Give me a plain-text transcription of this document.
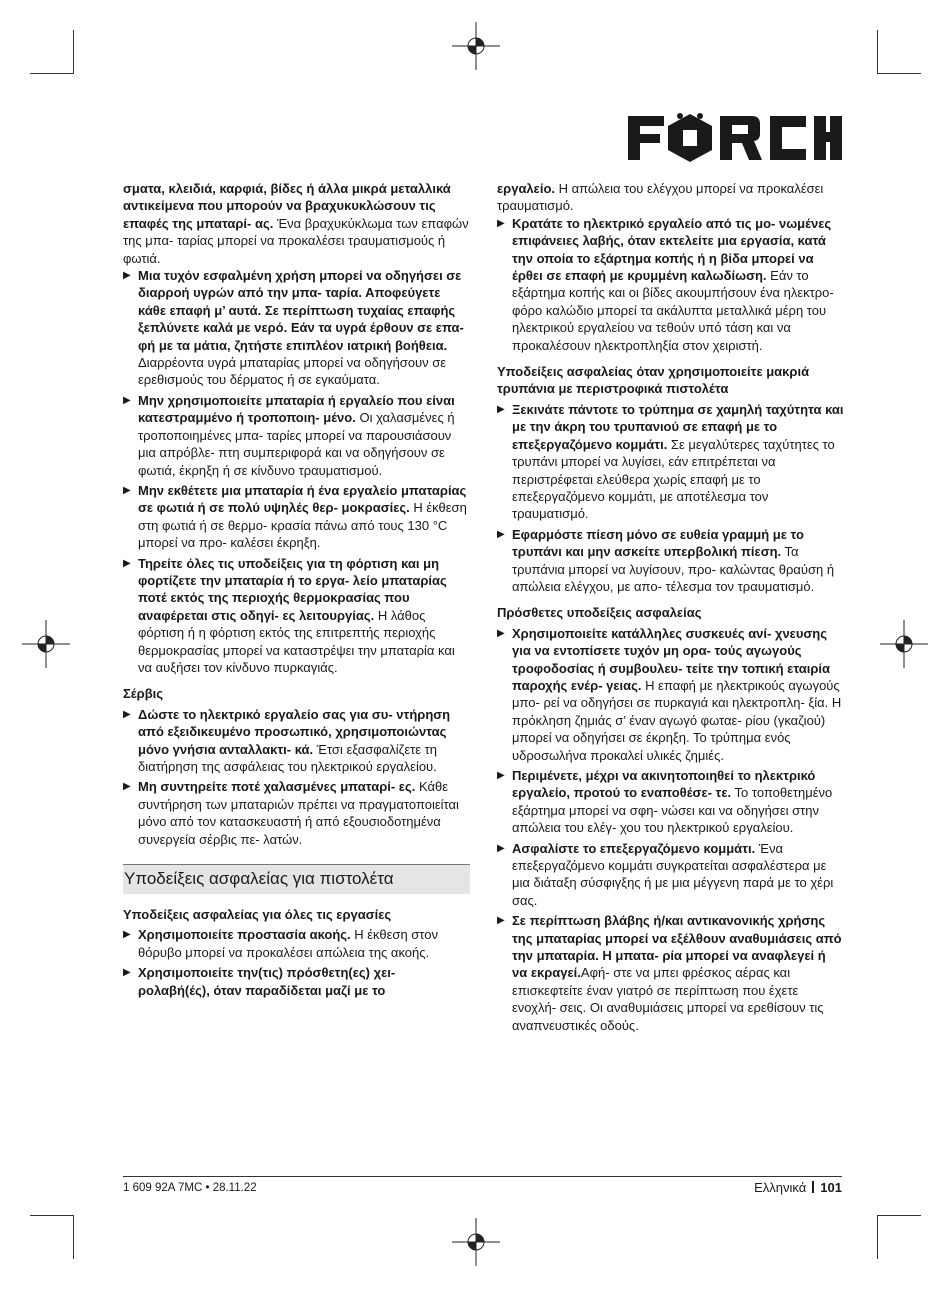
σματα, κλειδιά, καρφιά, βίδες ή άλλα μικρά μεταλλικά αντικείμενα που μπορούν να βραχυκυκλώσουν τις επαφές της μπαταρί- ας. Ένα βραχυκύκλωμα των επαφών της μπα- ταρίας μπορεί να προκαλέσει τραυματισμούς ή φωτιά.
▶ Μια τυχόν εσφαλμένη χρήση μπορεί να οδηγήσει σε διαρροή υγρών από την μπα- ταρία. Αποφεύγετε κάθε επαφή μ’ αυτά. Σε περίπτωση τυχαίας επαφής ξεπλύνετε καλά με νερό. Εάν τα υγρά έρθουν σε επα- φή με τα μάτια, ζητήστε επιπλέον ιατρική βοήθεια. Διαρρέοντα υγρά μπαταρίας μπορεί να οδηγήσουν σε ερεθισμούς του δέρματος ή σε εγκαύματα.
▶ Μην χρησιμοποιείτε μπαταρία ή εργαλείο που είναι κατεστραμμένο ή τροποποιη- μένο. Οι χαλασμένες ή τροποποιημένες μπα- ταρίες μπορεί να παρουσιάσουν μια απρόβλε- πτη συμπεριφορά και να οδηγήσουν σε φωτιά, έκρηξη ή σε κίνδυνο τραυματισμού.
▶ Μην εκθέτετε μια μπαταρία ή ένα εργαλείο μπαταρίας σε φωτιά ή σε πολύ υψηλές θερ- μοκρασίες. Η έκθεση στη φωτιά ή σε θερμο- κρασία πάνω από τους 130 °C μπορεί να προ- καλέσει έκρηξη.
▶ Τηρείτε όλες τις υποδείξεις για τη φόρτιση και μη φορτίζετε την μπαταρία ή το εργα- λείο μπαταρίας ποτέ εκτός της περιοχής θερμοκρασίας που αναφέρεται στις οδηγί- ες λειτουργίας. Η λάθος φόρτιση ή η φόρτιση εκτός της επιτρεπτής περιοχής θερμοκρασίας μπορεί να καταστρέψει την μπαταρία και να αυξήσει τον κίνδυνο πυρκαγιάς.
Σέρβις
▶ Δώστε το ηλεκτρικό εργαλείο σας για συ- ντήρηση από εξειδικευμένο προσωπικό, χρησιμοποιώντας μόνο γνήσια ανταλλακτι- κά. Έτσι εξασφαλίζετε τη διατήρηση της ασφάλειας του ηλεκτρικού εργαλείου.
▶ Μη συντηρείτε ποτέ χαλασμένες μπαταρί- ες. Κάθε συντήρηση των μπαταριών πρέπει να πραγματοποιείται μόνο από τον κατασκευαστή ή από εξουσιοδοτημένα συνεργεία σέρβις πε- λατών.
Υποδείξεις ασφαλείας για πιστολέτα
Υποδείξεις ασφαλείας για όλες τις εργασίες
▶ Χρησιμοποιείτε προστασία ακοής. Η έκθεση στον θόρυβο μπορεί να προκαλέσει απώλεια της ακοής.
▶ Χρησιμοποιείτε την(τις) πρόσθετη(ες) χει- ρολαβή(ές), όταν παραδίδεται μαζί με το
εργαλείο. Η απώλεια του ελέγχου μπορεί να προκαλέσει τραυματισμό.
▶ Κρατάτε το ηλεκτρικό εργαλείο από τις μο- νωμένες επιφάνειες λαβής, όταν εκτελείτε μια εργασία, κατά την οποία το εξάρτημα κοπής ή η βίδα μπορεί να έρθει σε επαφή με κρυμμένη καλωδίωση. Εάν το εξάρτημα κοπής και οι βίδες ακουμπήσουν ένα ηλεκτρο- φόρο καλώδιο μπορεί τα ακάλυπτα μεταλλικά μέρη του ηλεκτρικού εργαλείου να τεθούν υπό τάση και να προκαλέσουν ηλεκτροπληξία στον χειριστή.
Υποδείξεις ασφαλείας όταν χρησιμοποιείτε μακριά τρυπάνια με περιστροφικά πιστολέτα
▶ Ξεκινάτε πάντοτε το τρύπημα σε χαμηλή ταχύτητα και με την άκρη του τρυπανιού σε επαφή με το επεξεργαζόμενο κομμάτι. Σε μεγαλύτερες ταχύτητες το τρυπάνι μπορεί να λυγίσει, εάν επιτρέπεται να περιστρέφεται ελεύθερα χωρίς επαφή με το επεξεργαζόμενο κομμάτι, με αποτέλεσμα τον τραυματισμό.
▶ Εφαρμόστε πίεση μόνο σε ευθεία γραμμή με το τρυπάνι και μην ασκείτε υπερβολική πίεση. Τα τρυπάνια μπορεί να λυγίσουν, προ- καλώντας θραύση ή απώλεια ελέγχου, με απο- τέλεσμα τον τραυματισμό.
Πρόσθετες υποδείξεις ασφαλείας
▶ Χρησιμοποιείτε κατάλληλες συσκευές ανί- χνευσης για να εντοπίσετε τυχόν μη ορα- τούς αγωγούς τροφοδοσίας ή συμβουλευ- τείτε την τοπική εταιρία παροχής ενέρ- γειας. Η επαφή με ηλεκτρικούς αγωγούς μπο- ρεί να οδηγήσει σε πυρκαγιά και ηλεκτροπλη- ξία. Η πρόκληση ζημιάς σ’ έναν αγωγό φωταε- ρίου (γκαζιού) μπορεί να οδηγήσει σε έκρηξη. Το τρύπημα ενός υδροσωλήνα προκαλεί υλικές ζημιές.
▶ Περιμένετε, μέχρι να ακινητοποιηθεί το ηλεκτρικό εργαλείο, προτού το εναποθέσε- τε. Το τοποθετημένο εξάρτημα μπορεί να σφη- νώσει και να οδηγήσει στην απώλεια του ελέγ- χου του ηλεκτρικού εργαλείου.
▶ Ασφαλίστε το επεξεργαζόμενο κομμάτι. Ένα επεξεργαζόμενο κομμάτι συγκρατείται ασφαλέστερα με μια διάταξη σύσφιγξης ή με μια μέγγενη παρά με το χέρι σας.
▶ Σε περίπτωση βλάβης ή/και αντικανονικής χρήσης της μπαταρίας μπορεί να εξέλθουν αναθυμιάσεις από την μπαταρία. Η μπατα- ρία μπορεί να αναφλεγεί ή να εκραγεί.Αφή- στε να μπει φρέσκος αέρας και επισκεφτείτε έναν γιατρό σε περίπτωση που έχετε ενοχλή- σεις. Οι αναθυμιάσεις μπορεί να ερεθίσουν τις αναπνευστικές οδούς.
1 609 92A 7MC • 28.11.22	Ελληνικά 101
